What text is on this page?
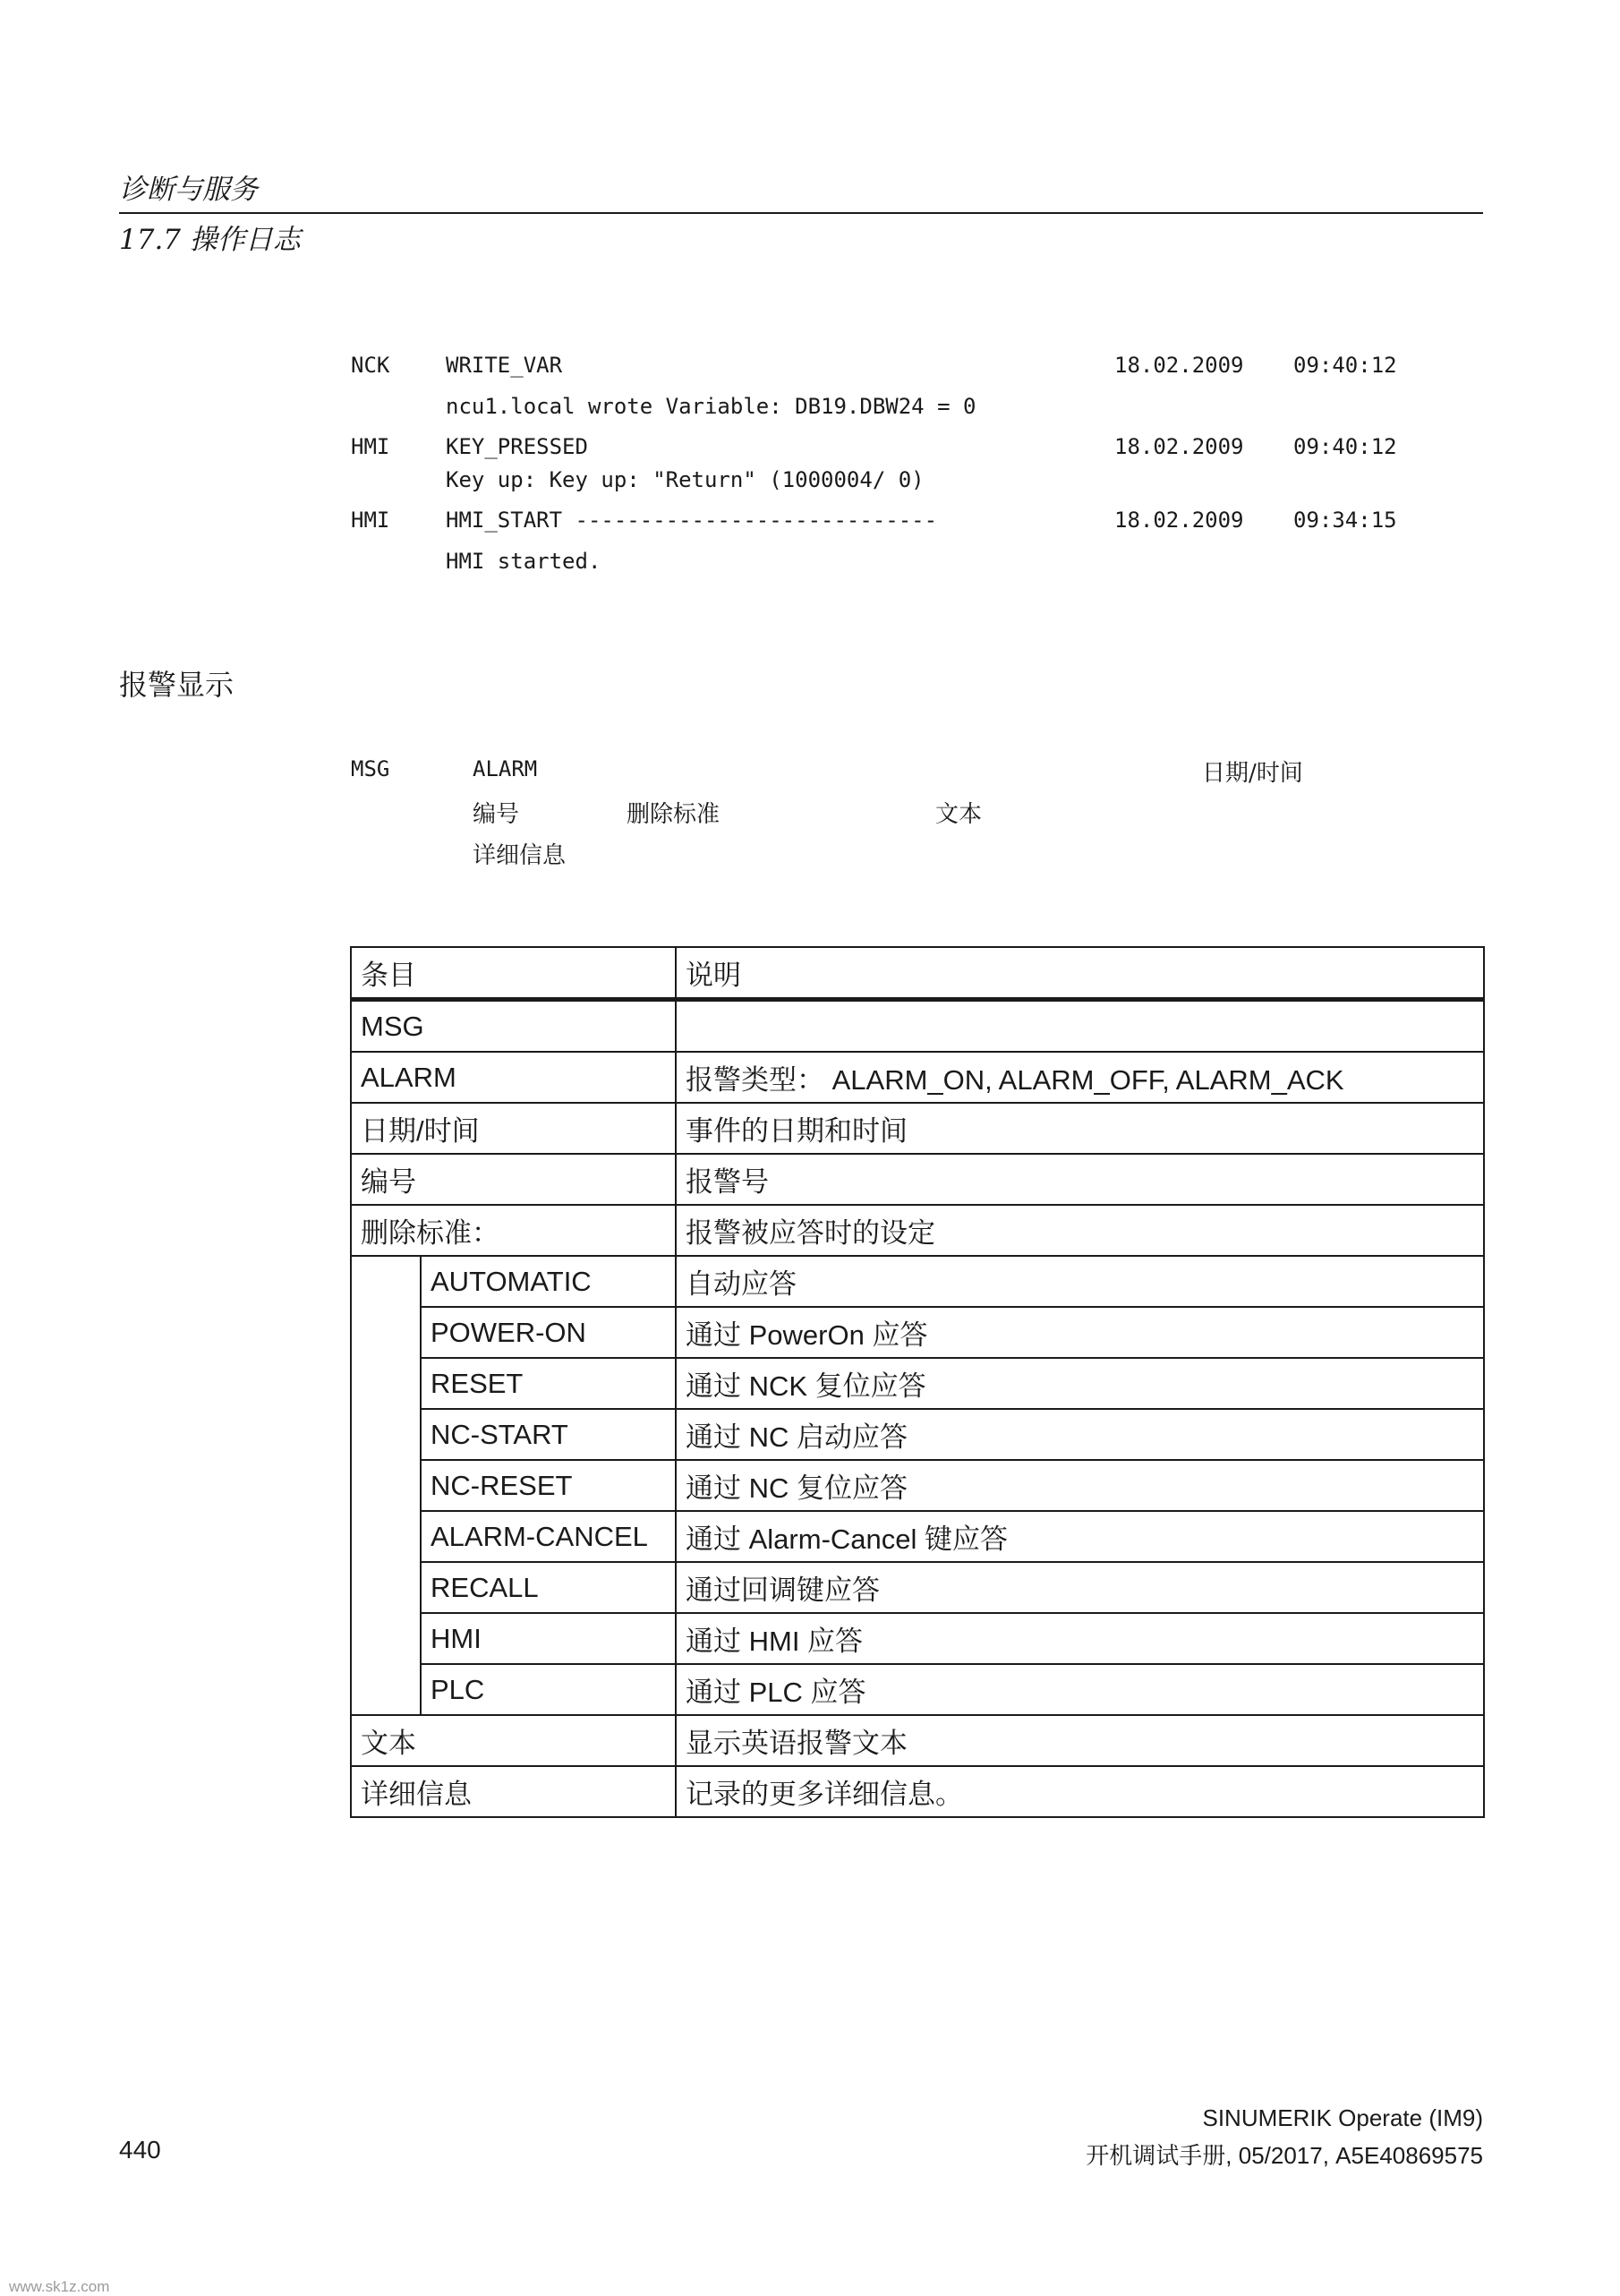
诊断与服务
17.7 操作日志
NCK	WRITE_VAR	18.02.2009 09:40:12
ncu1.local wrote Variable: DB19.DBW24 = 0
HMI	KEY_PRESSED	18.02.2009 09:40:12
Key up: Key up: "Return" (1000004/ 0)
HMI	HMI_START ----------------------------	18.02.2009 09:34:15
HMI started.
报警显示
MSG	ALARM	日期/时间
编号	删除标准	文本
详细信息
条目		说明
MSG		
ALARM		报警类型： ALARM_ON, ALARM_OFF, ALARM_ACK
日期/时间		事件的日期和时间
编号		报警号
删除标准：		报警被应答时的设定
	AUTOMATIC	自动应答
	POWER-ON	通过 PowerOn 应答
	RESET	通过 NCK 复位应答
	NC-START	通过 NC 启动应答
	NC-RESET	通过 NC 复位应答
	ALARM-CANCEL	通过 Alarm-Cancel 键应答
	RECALL	通过回调键应答
	HMI	通过 HMI 应答
	PLC	通过 PLC 应答
文本		显示英语报警文本
详细信息		记录的更多详细信息。
440
SINUMERIK Operate (IM9)
开机调试手册, 05/2017, A5E40869575
www.sk1z.com
